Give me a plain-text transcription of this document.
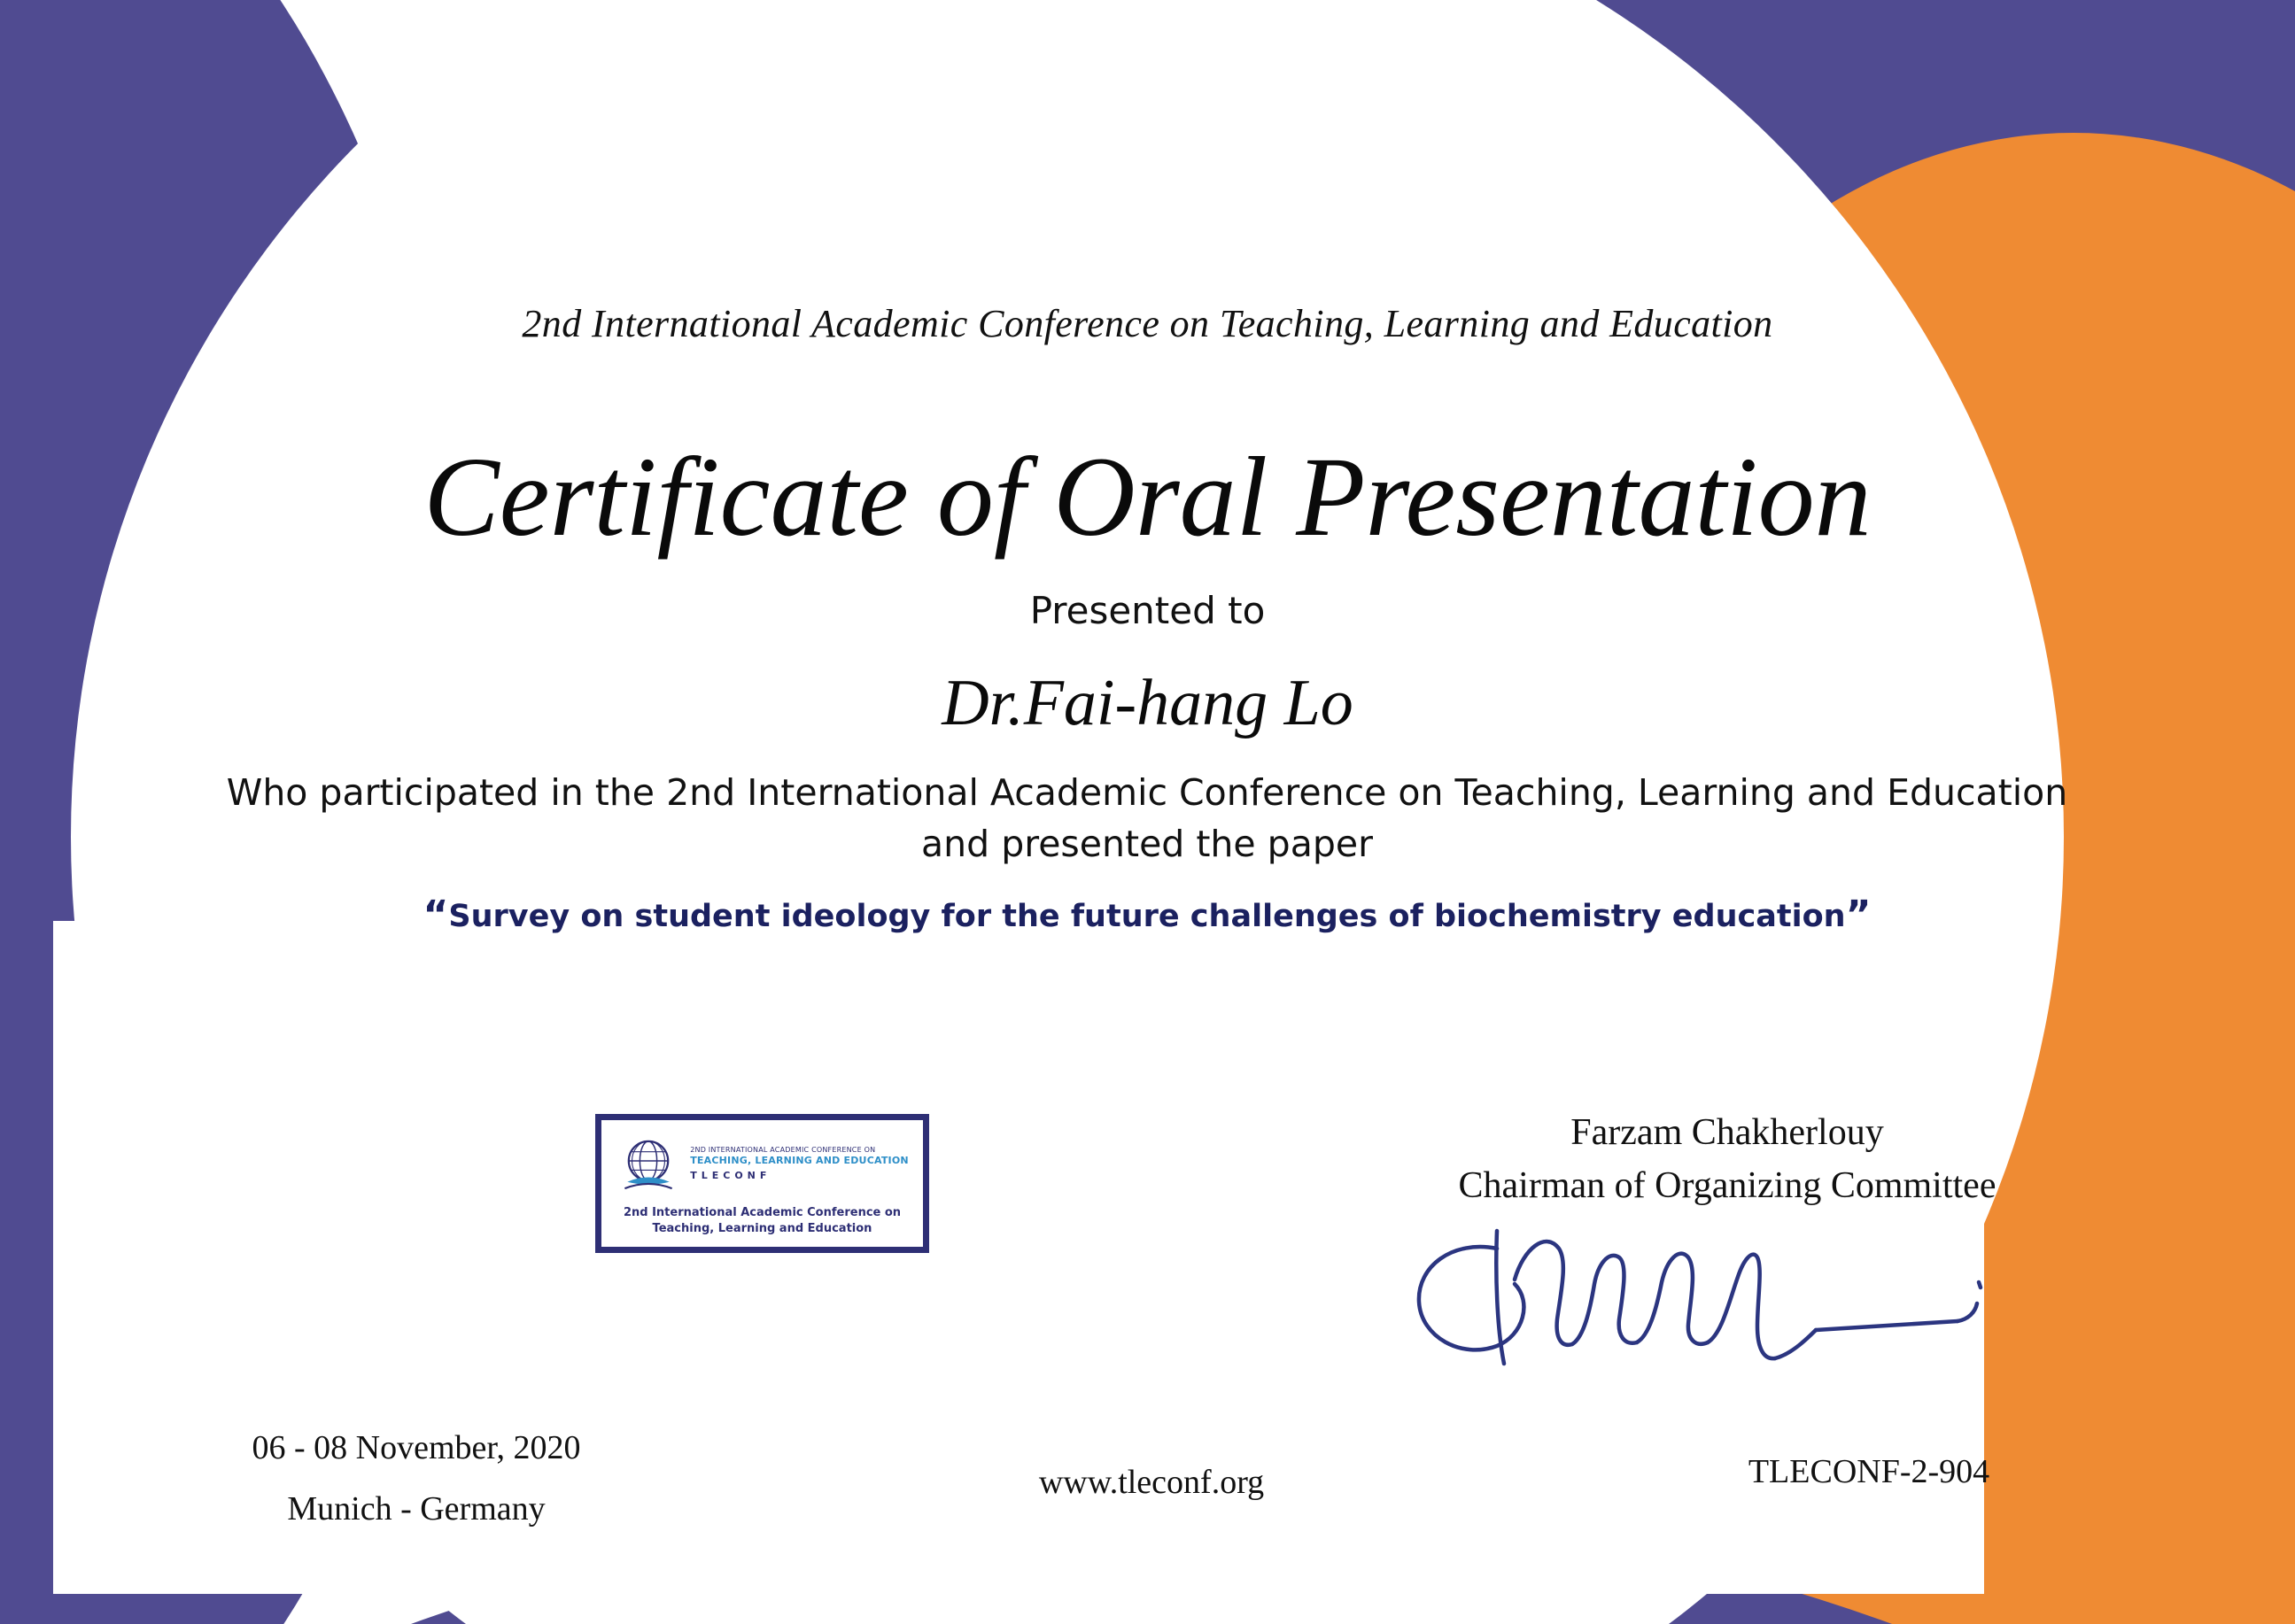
2nd International Academic Conference on Teaching, Learning and Education
Certificate of Oral Presentation
Presented to
Dr.Fai-hang Lo
Who participated in the 2nd International Academic Conference on Teaching, Learning and Education and presented the paper
“Survey on student ideology for the future challenges of biochemistry education”
2ND INTERNATIONAL ACADEMIC CONFERENCE ON
TEACHING, LEARNING AND EDUCATION
TLECONF
2nd International Academic Conference on
Teaching, Learning and Education
Farzam Chakherlouy
Chairman of Organizing Committee
06 - 08 November, 2020
Munich - Germany
www.tleconf.org	TLECONF-2-904
